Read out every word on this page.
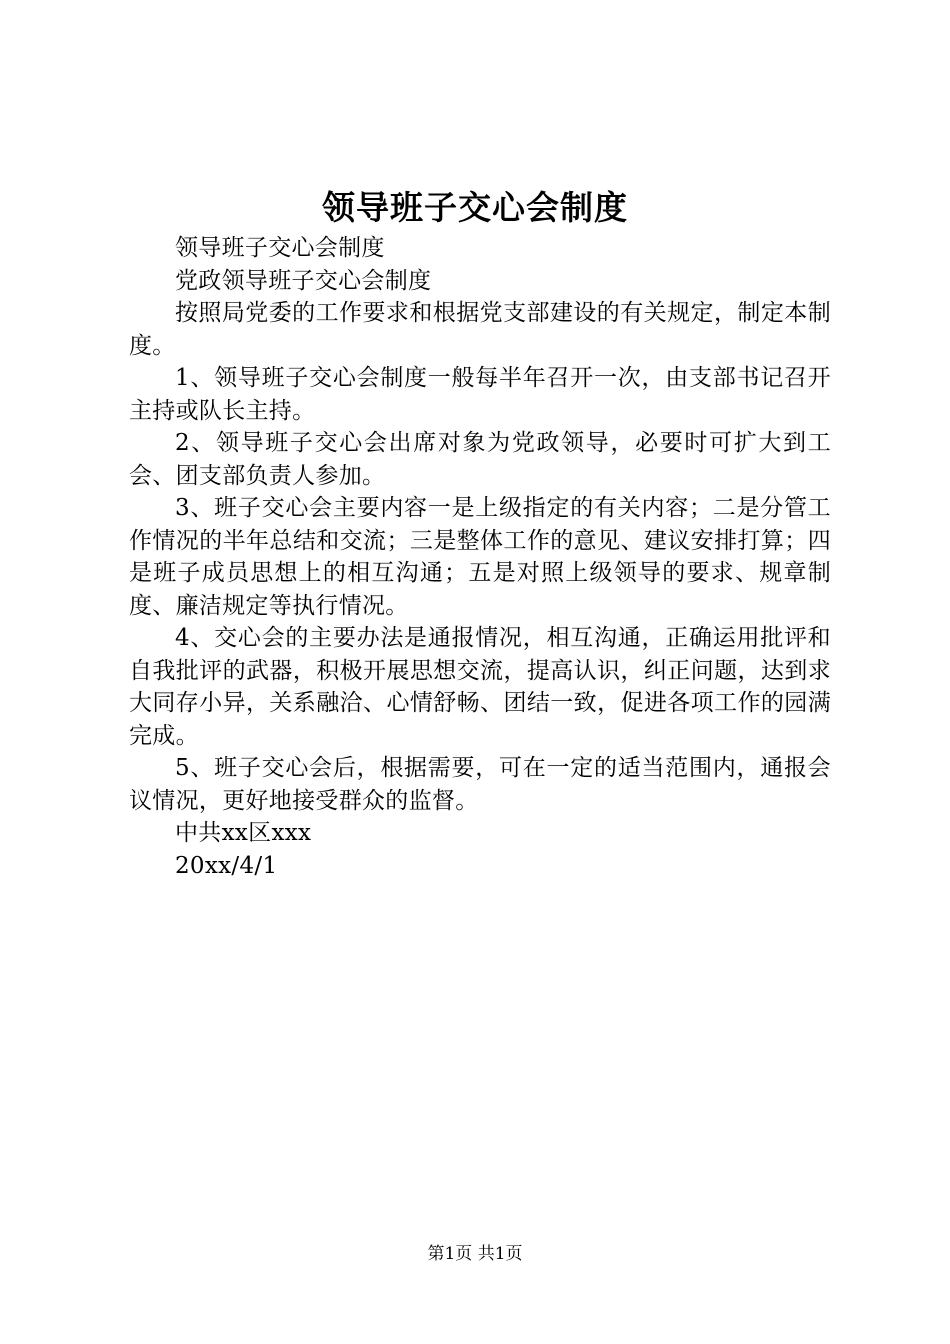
领导班子交心会制度

领导班子交心会制度

党政领导班子交心会制度

按照局党委的工作要求和根据党支部建设的有关规定，制定本制度。

1、领导班子交心会制度一般每半年召开一次，由支部书记召开主持或队长主持。

2、领导班子交心会出席对象为党政领导，必要时可扩大到工会、团支部负责人参加。

3、班子交心会主要内容一是上级指定的有关内容；二是分管工作情况的半年总结和交流；三是整体工作的意见、建议安排打算；四是班子成员思想上的相互沟通；五是对照上级领导的要求、规章制度、廉洁规定等执行情况。

4、交心会的主要办法是通报情况，相互沟通，正确运用批评和自我批评的武器，积极开展思想交流，提高认识，纠正问题，达到求大同存小异，关系融洽、心情舒畅、团结一致，促进各项工作的园满完成。

5、班子交心会后，根据需要，可在一定的适当范围内，通报会议情况，更好地接受群众的监督。

中共xx区xxx

20xx/4/1

第1页 共1页
